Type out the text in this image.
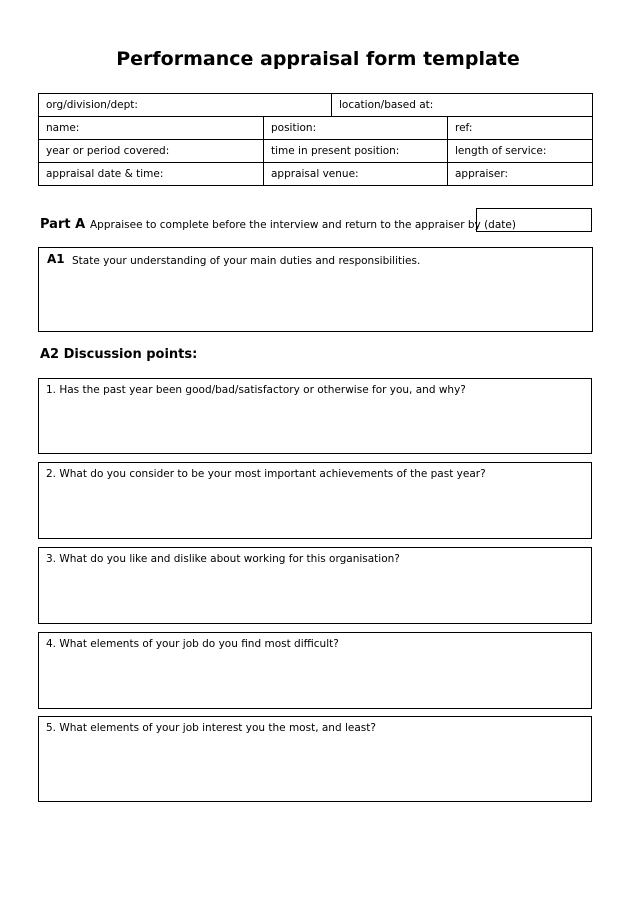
Performance appraisal form template
org/division/dept:	location/based at:
name:	position:	ref:
year or period covered:	time in present position:	length of service:
appraisal date & time:	appraisal venue:	appraiser:
Part A Appraisee to complete before the interview and return to the appraiser by (date)
A1 State your understanding of your main duties and responsibilities.
A2 Discussion points:
1. Has the past year been good/bad/satisfactory or otherwise for you, and why?
2. What do you consider to be your most important achievements of the past year?
3. What do you like and dislike about working for this organisation?
4. What elements of your job do you find most difficult?
5. What elements of your job interest you the most, and least?
